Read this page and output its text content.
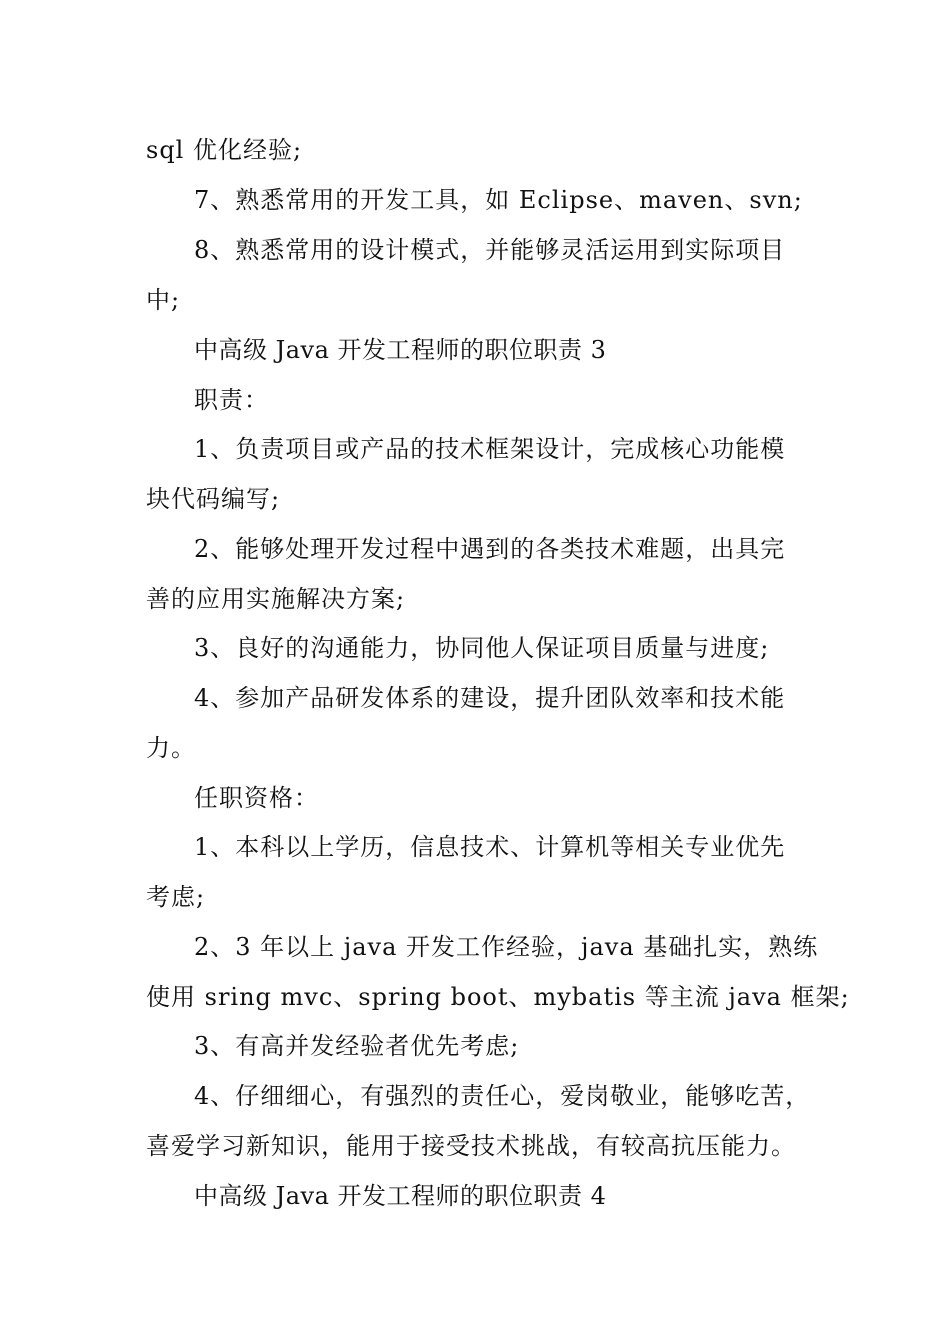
sql 优化经验;
7、熟悉常用的开发工具，如 Eclipse、maven、svn;
8、熟悉常用的设计模式，并能够灵活运用到实际项目
中;
中高级 Java 开发工程师的职位职责 3
职责：
1、负责项目或产品的技术框架设计，完成核心功能模
块代码编写;
2、能够处理开发过程中遇到的各类技术难题，出具完
善的应用实施解决方案;
3、良好的沟通能力，协同他人保证项目质量与进度;
4、参加产品研发体系的建设，提升团队效率和技术能
力。
任职资格：
1、本科以上学历，信息技术、计算机等相关专业优先
考虑;
2、3 年以上 java 开发工作经验，java 基础扎实，熟练
使用 sring mvc、spring boot、mybatis 等主流 java 框架;
3、有高并发经验者优先考虑;
4、仔细细心，有强烈的责任心，爱岗敬业，能够吃苦，
喜爱学习新知识，能用于接受技术挑战，有较高抗压能力。
中高级 Java 开发工程师的职位职责 4
